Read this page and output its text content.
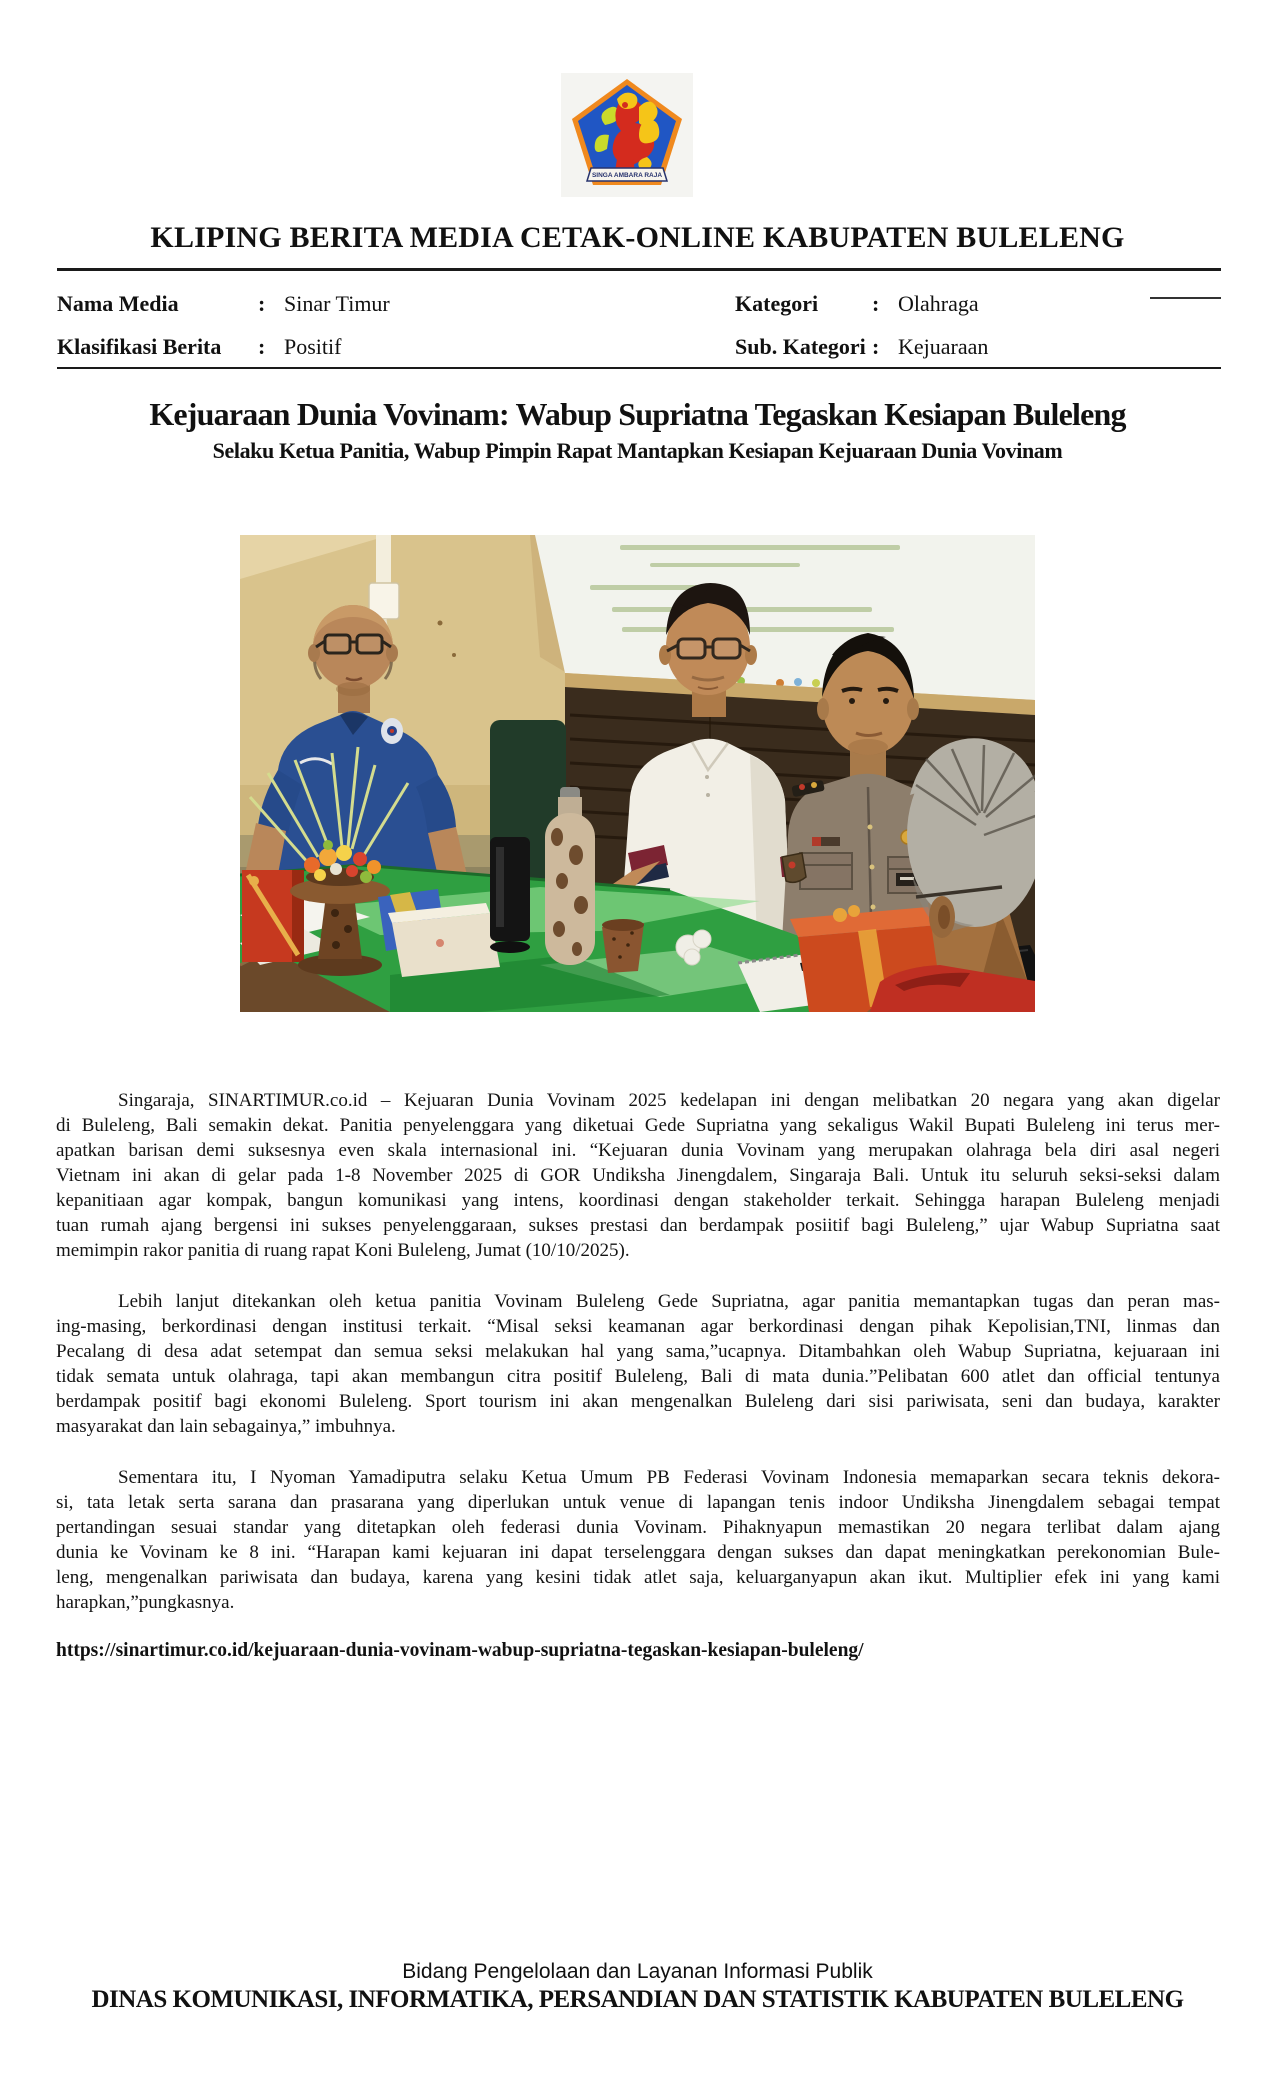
SINGA AMBARA RAJA
KLIPING BERITA MEDIA CETAK-ONLINE KABUPATEN BULELENG
Nama Media	: Sinar Timur
Klasifikasi Berita	: Positif
Kategori	: Olahraga
Sub. Kategori : Kejuaraan
Kejuaraan Dunia Vovinam: Wabup Supriatna Tegaskan Kesiapan Buleleng
Selaku Ketua Panitia, Wabup Pimpin Rapat Mantapkan Kesiapan Kejuaraan Dunia Vovinam
Singaraja, SINARTIMUR.co.id – Kejuaran Dunia Vovinam 2025 kedelapan ini dengan melibatkan 20 negara yang akan digelar
di Buleleng, Bali semakin dekat. Panitia penyelenggara yang diketuai Gede Supriatna yang sekaligus Wakil Bupati Buleleng ini terus mer-
apatkan barisan demi suksesnya even skala internasional ini. “Kejuaran dunia Vovinam yang merupakan olahraga bela diri asal negeri
Vietnam ini akan di gelar pada 1-8 November 2025 di GOR Undiksha Jinengdalem, Singaraja Bali. Untuk itu seluruh seksi-seksi dalam
kepanitiaan agar kompak, bangun komunikasi yang intens, koordinasi dengan stakeholder terkait. Sehingga harapan Buleleng menjadi
tuan rumah ajang bergensi ini sukses penyelenggaraan, sukses prestasi dan berdampak posiitif bagi Buleleng,” ujar Wabup Supriatna saat
memimpin rakor panitia di ruang rapat Koni Buleleng, Jumat (10/10/2025).
Lebih lanjut ditekankan oleh ketua panitia Vovinam Buleleng Gede Supriatna, agar panitia memantapkan tugas dan peran mas-
ing-masing, berkordinasi dengan institusi terkait. “Misal seksi keamanan agar berkordinasi dengan pihak Kepolisian,TNI, linmas dan
Pecalang di desa adat setempat dan semua seksi melakukan hal yang sama,”ucapnya. Ditambahkan oleh Wabup Supriatna, kejuaraan ini
tidak semata untuk olahraga, tapi akan membangun citra positif Buleleng, Bali di mata dunia.”Pelibatan 600 atlet dan official tentunya
berdampak positif bagi ekonomi Buleleng. Sport tourism ini akan mengenalkan Buleleng dari sisi pariwisata, seni dan budaya, karakter
masyarakat dan lain sebagainya,” imbuhnya.
Sementara itu, I Nyoman Yamadiputra selaku Ketua Umum PB Federasi Vovinam Indonesia memaparkan secara teknis dekora-
si, tata letak serta sarana dan prasarana yang diperlukan untuk venue di lapangan tenis indoor Undiksha Jinengdalem sebagai tempat
pertandingan sesuai standar yang ditetapkan oleh federasi dunia Vovinam. Pihaknyapun memastikan 20 negara terlibat dalam ajang
dunia ke Vovinam ke 8 ini. “Harapan kami kejuaran ini dapat terselenggara dengan sukses dan dapat meningkatkan perekonomian Bule-
leng, mengenalkan pariwisata dan budaya, karena yang kesini tidak atlet saja, keluarganyapun akan ikut. Multiplier efek ini yang kami
harapkan,”pungkasnya.
https://sinartimur.co.id/kejuaraan-dunia-vovinam-wabup-supriatna-tegaskan-kesiapan-buleleng/
Bidang Pengelolaan dan Layanan Informasi Publik
DINAS KOMUNIKASI, INFORMATIKA, PERSANDIAN DAN STATISTIK KABUPATEN BULELENG
